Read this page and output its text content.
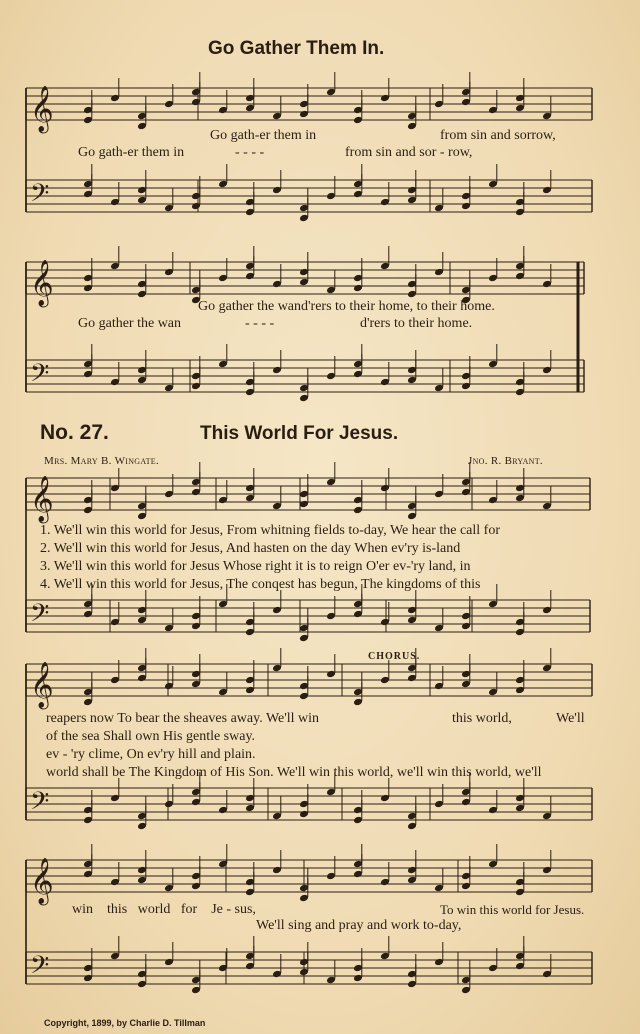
𝄞
𝄢
𝄞
𝄢
𝄞
𝄢
𝄞
𝄢
𝄞
𝄢
Go Gather Them In.
Go gath-er them in	from sin and sorrow,
Go gath-er them in	- - - -	from sin and sor - row,
Go gather the wand'rers to their home, to their home.
Go gather the wan	- - - -	d'rers to their home.
No. 27.	This World For Jesus.
Mrs. Mary B. Wingate.	Jno. R. Bryant.
1. We'll win this world for Jesus, From whitning fields to-day, We hear the call for
2. We'll win this world for Jesus, And hasten on the day When ev'ry is-land
3. We'll win this world for Jesus Whose right it is to reign O'er ev-'ry land, in
4. We'll win this world for Jesus, The conqest has begun, The kingdoms of this
CHORUS.
reapers now To bear the sheaves away. We'll win	this world,	We'll
of the sea Shall own His gentle sway.
ev - 'ry clime, On ev'ry hill and plain.
world shall be The Kingdom of His Son. We'll win this world, we'll win this world, we'll
win    this   world   for    Je - sus,	To win this world for Jesus.
We'll sing and pray and work to-day,
Copyright, 1899, by Charlie D. Tillman
